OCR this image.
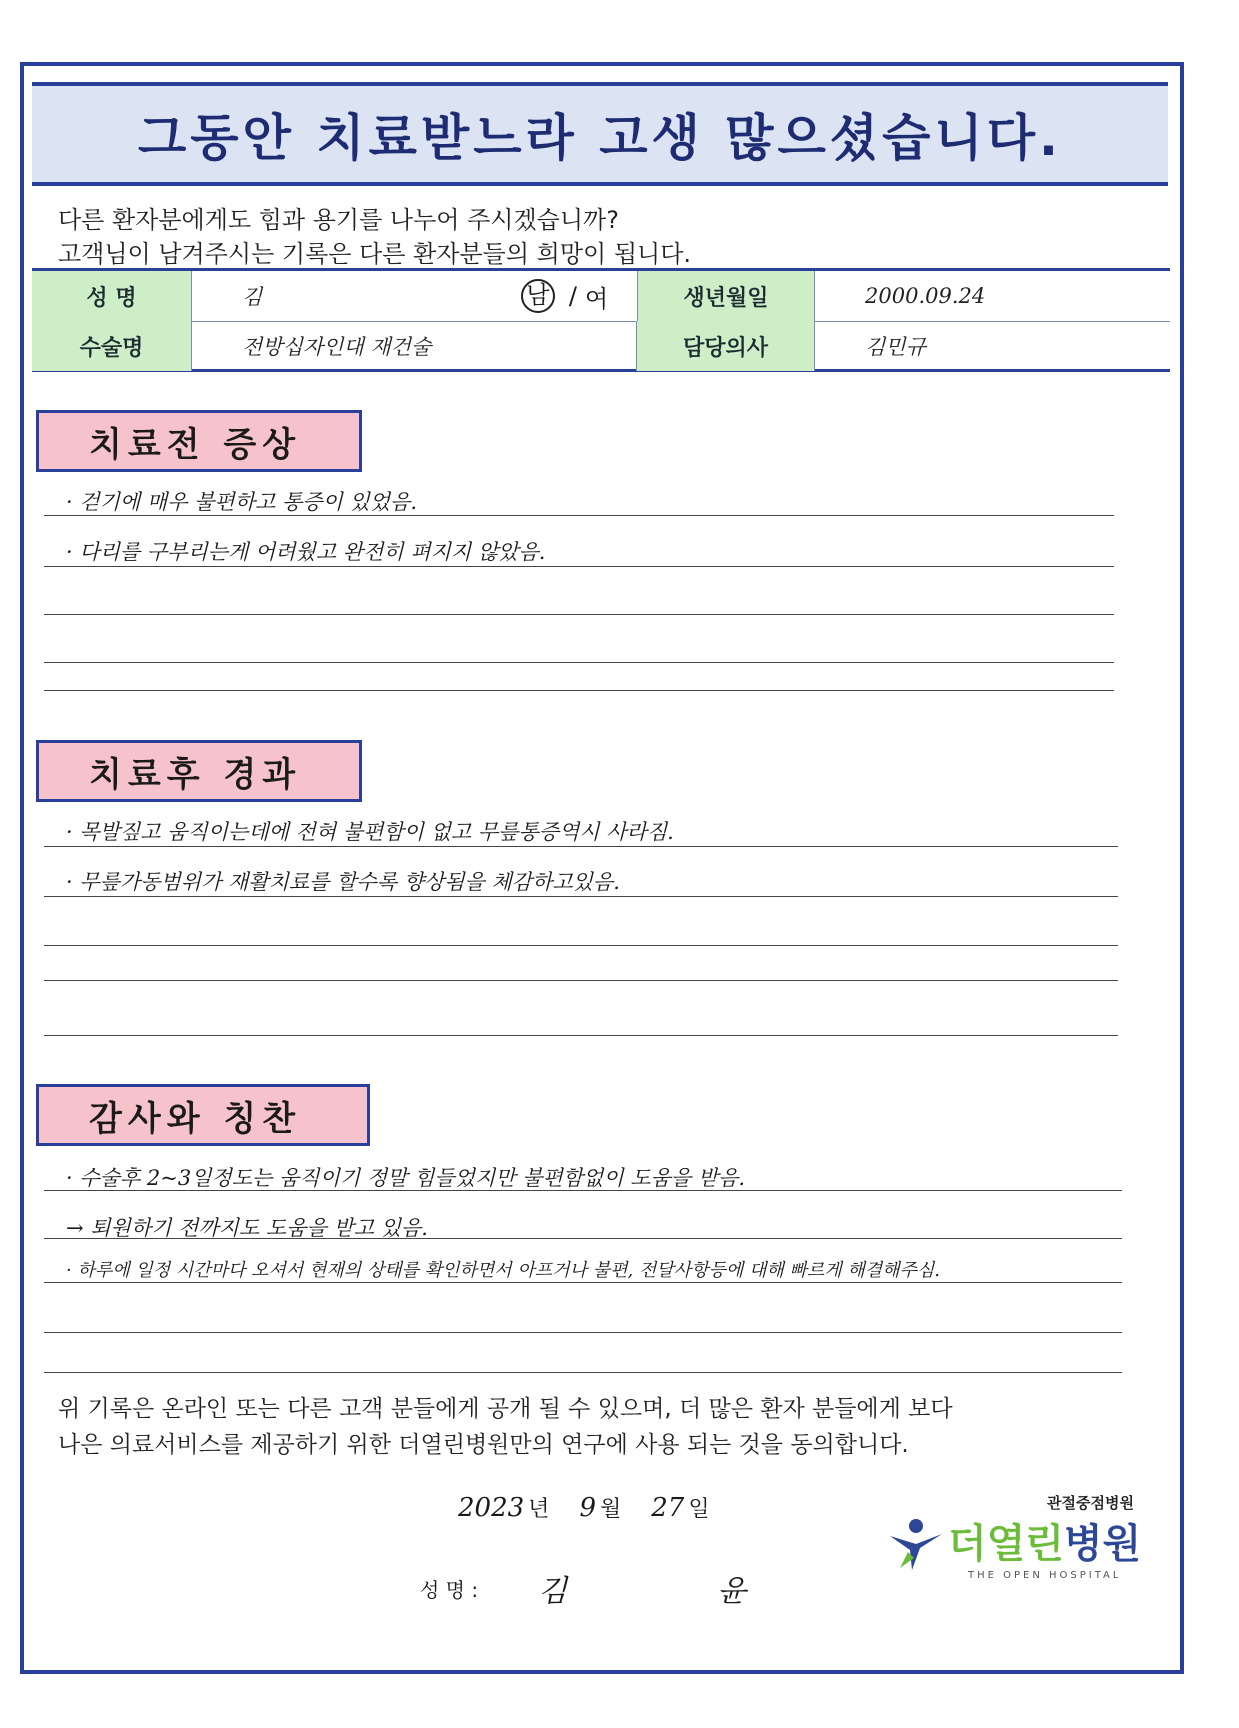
그동안 치료받느라 고생 많으셨습니다.
다른 환자분에게도 힘과 용기를 나누어 주시겠습니까?
고객님이 남겨주시는 기록은 다른 환자분들의 희망이 됩니다.
성 명	김	남 / 여	생년월일	2000.09.24
수술명	전방십자인대 재건술	담당의사	김민규
치료전 증상
· 걷기에 매우 불편하고 통증이 있었음.
· 다리를 구부리는게 어려웠고 완전히 펴지지 않았음.
치료후 경과
· 목발짚고 움직이는데에 전혀 불편함이 없고 무릎통증역시 사라짐.
· 무릎가동범위가 재활치료를 할수록 향상됨을 체감하고있음.
감사와 칭찬
· 수술후 2~3일정도는 움직이기 정말 힘들었지만 불편함없이 도움을 받음.
→ 퇴원하기 전까지도 도움을 받고 있음.
· 하루에 일정 시간마다 오셔서 현재의 상태를 확인하면서 아프거나 불편, 전달사항등에 대해 빠르게 해결해주심.
위 기록은 온라인 또는 다른 고객 분들에게 공개 될 수 있으며, 더 많은 환자 분들에게 보다
나은 의료서비스를 제공하기 위한 더열린병원만의 연구에 사용 되는 것을 동의합니다.
2023 년 9 월 27 일
성 명 : 김	윤
관절중점병원
더열린병원
THE OPEN HOSPITAL
